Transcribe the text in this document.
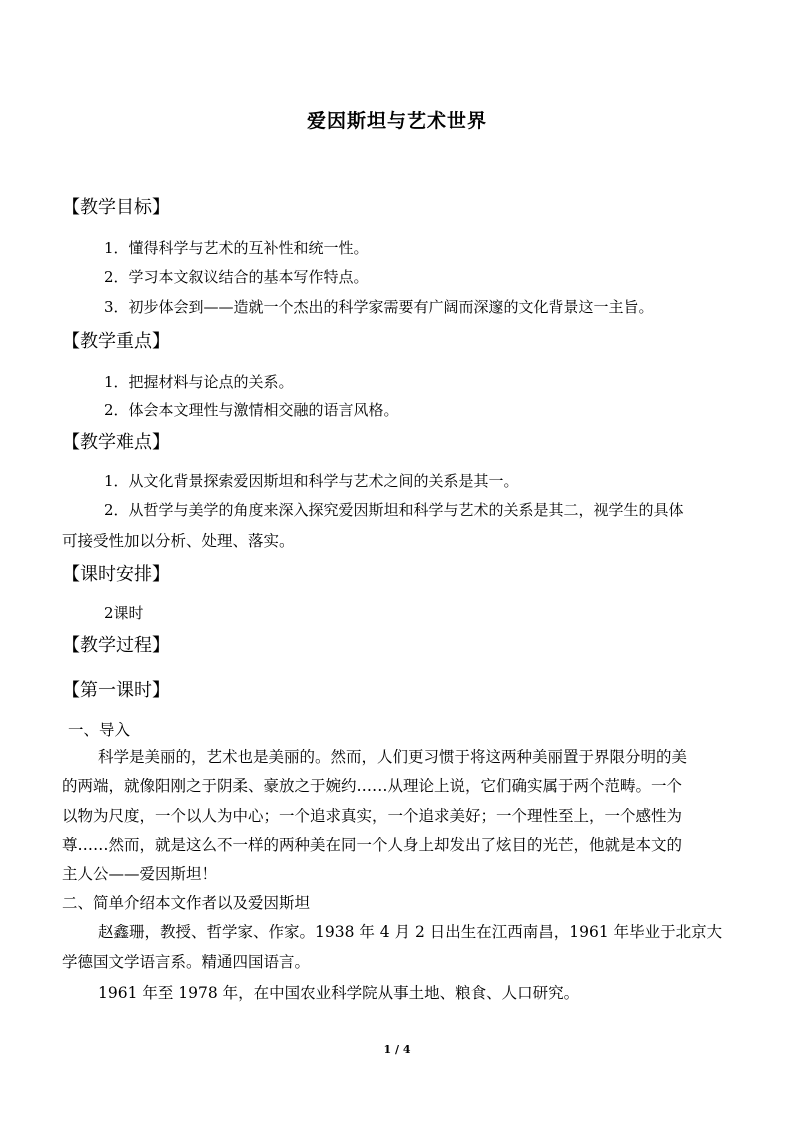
爱因斯坦与艺术世界
【教学目标】
1．懂得科学与艺术的互补性和统一性。
2．学习本文叙议结合的基本写作特点。
3．初步体会到——造就一个杰出的科学家需要有广阔而深邃的文化背景这一主旨。
【教学重点】
1．把握材料与论点的关系。
2．体会本文理性与激情相交融的语言风格。
【教学难点】
1．从文化背景探索爱因斯坦和科学与艺术之间的关系是其一。
2．从哲学与美学的角度来深入探究爱因斯坦和科学与艺术的关系是其二，视学生的具体
可接受性加以分析、处理、落实。
【课时安排】
2课时
【教学过程】
【第一课时】
一、导入
科学是美丽的，艺术也是美丽的。然而，人们更习惯于将这两种美丽置于界限分明的美
的两端，就像阳刚之于阴柔、豪放之于婉约……从理论上说，它们确实属于两个范畴。一个
以物为尺度，一个以人为中心；一个追求真实，一个追求美好；一个理性至上，一个感性为
尊……然而，就是这么不一样的两种美在同一个人身上却发出了炫目的光芒，他就是本文的
主人公——爱因斯坦！
二、简单介绍本文作者以及爱因斯坦
赵鑫珊，教授、哲学家、作家。1938 年 4 月 2 日出生在江西南昌，1961 年毕业于北京大
学德国文学语言系。精通四国语言。
1961 年至 1978 年，在中国农业科学院从事土地、粮食、人口研究。
1 / 4
